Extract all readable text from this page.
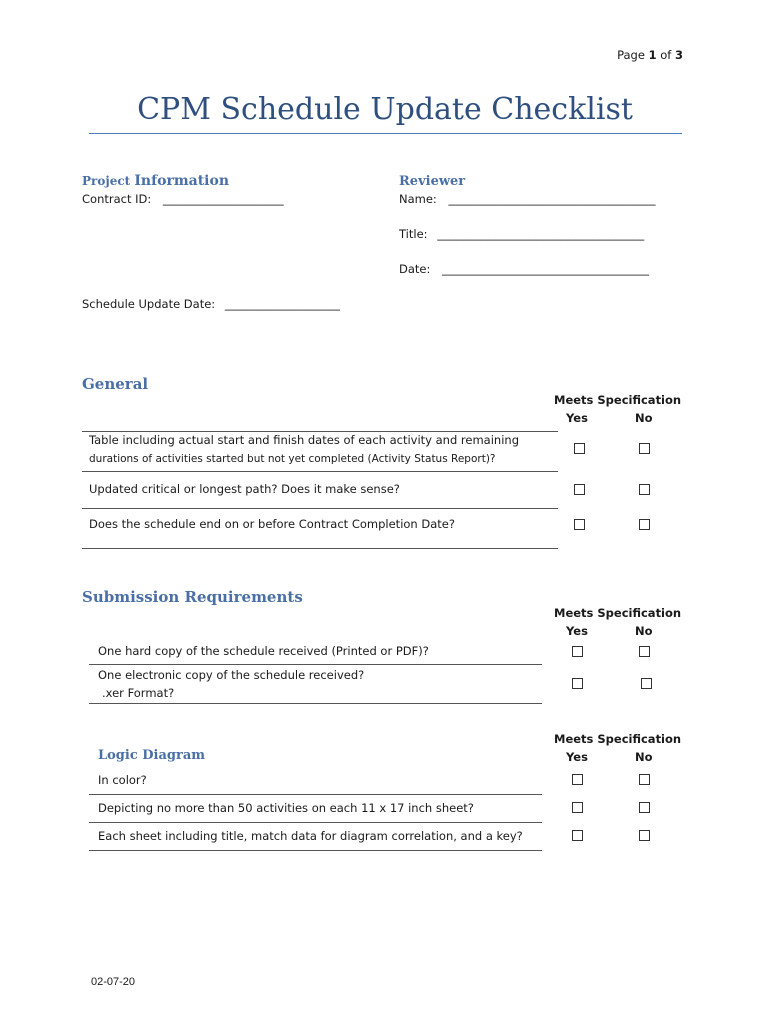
Page 1 of 3
CPM Schedule Update Checklist
Project Information
Contract ID: _____________________
Schedule Update Date: ____________________
Reviewer
Name: ____________________________________
Title: ____________________________________
Date: ____________________________________
General
Meets Specification
Yes	No
Table including actual start and finish dates of each activity and remaining
durations of activities started but not yet completed (Activity Status Report)?
Updated critical or longest path? Does it make sense?
Does the schedule end on or before Contract Completion Date?
Submission Requirements
Meets Specification
Yes	No
One hard copy of the schedule received (Printed or PDF)?
One electronic copy of the schedule received?
.xer Format?
Meets Specification
Logic Diagram	Yes	No
In color?
Depicting no more than 50 activities on each 11 x 17 inch sheet?
Each sheet including title, match data for diagram correlation, and a key?
02-07-20
